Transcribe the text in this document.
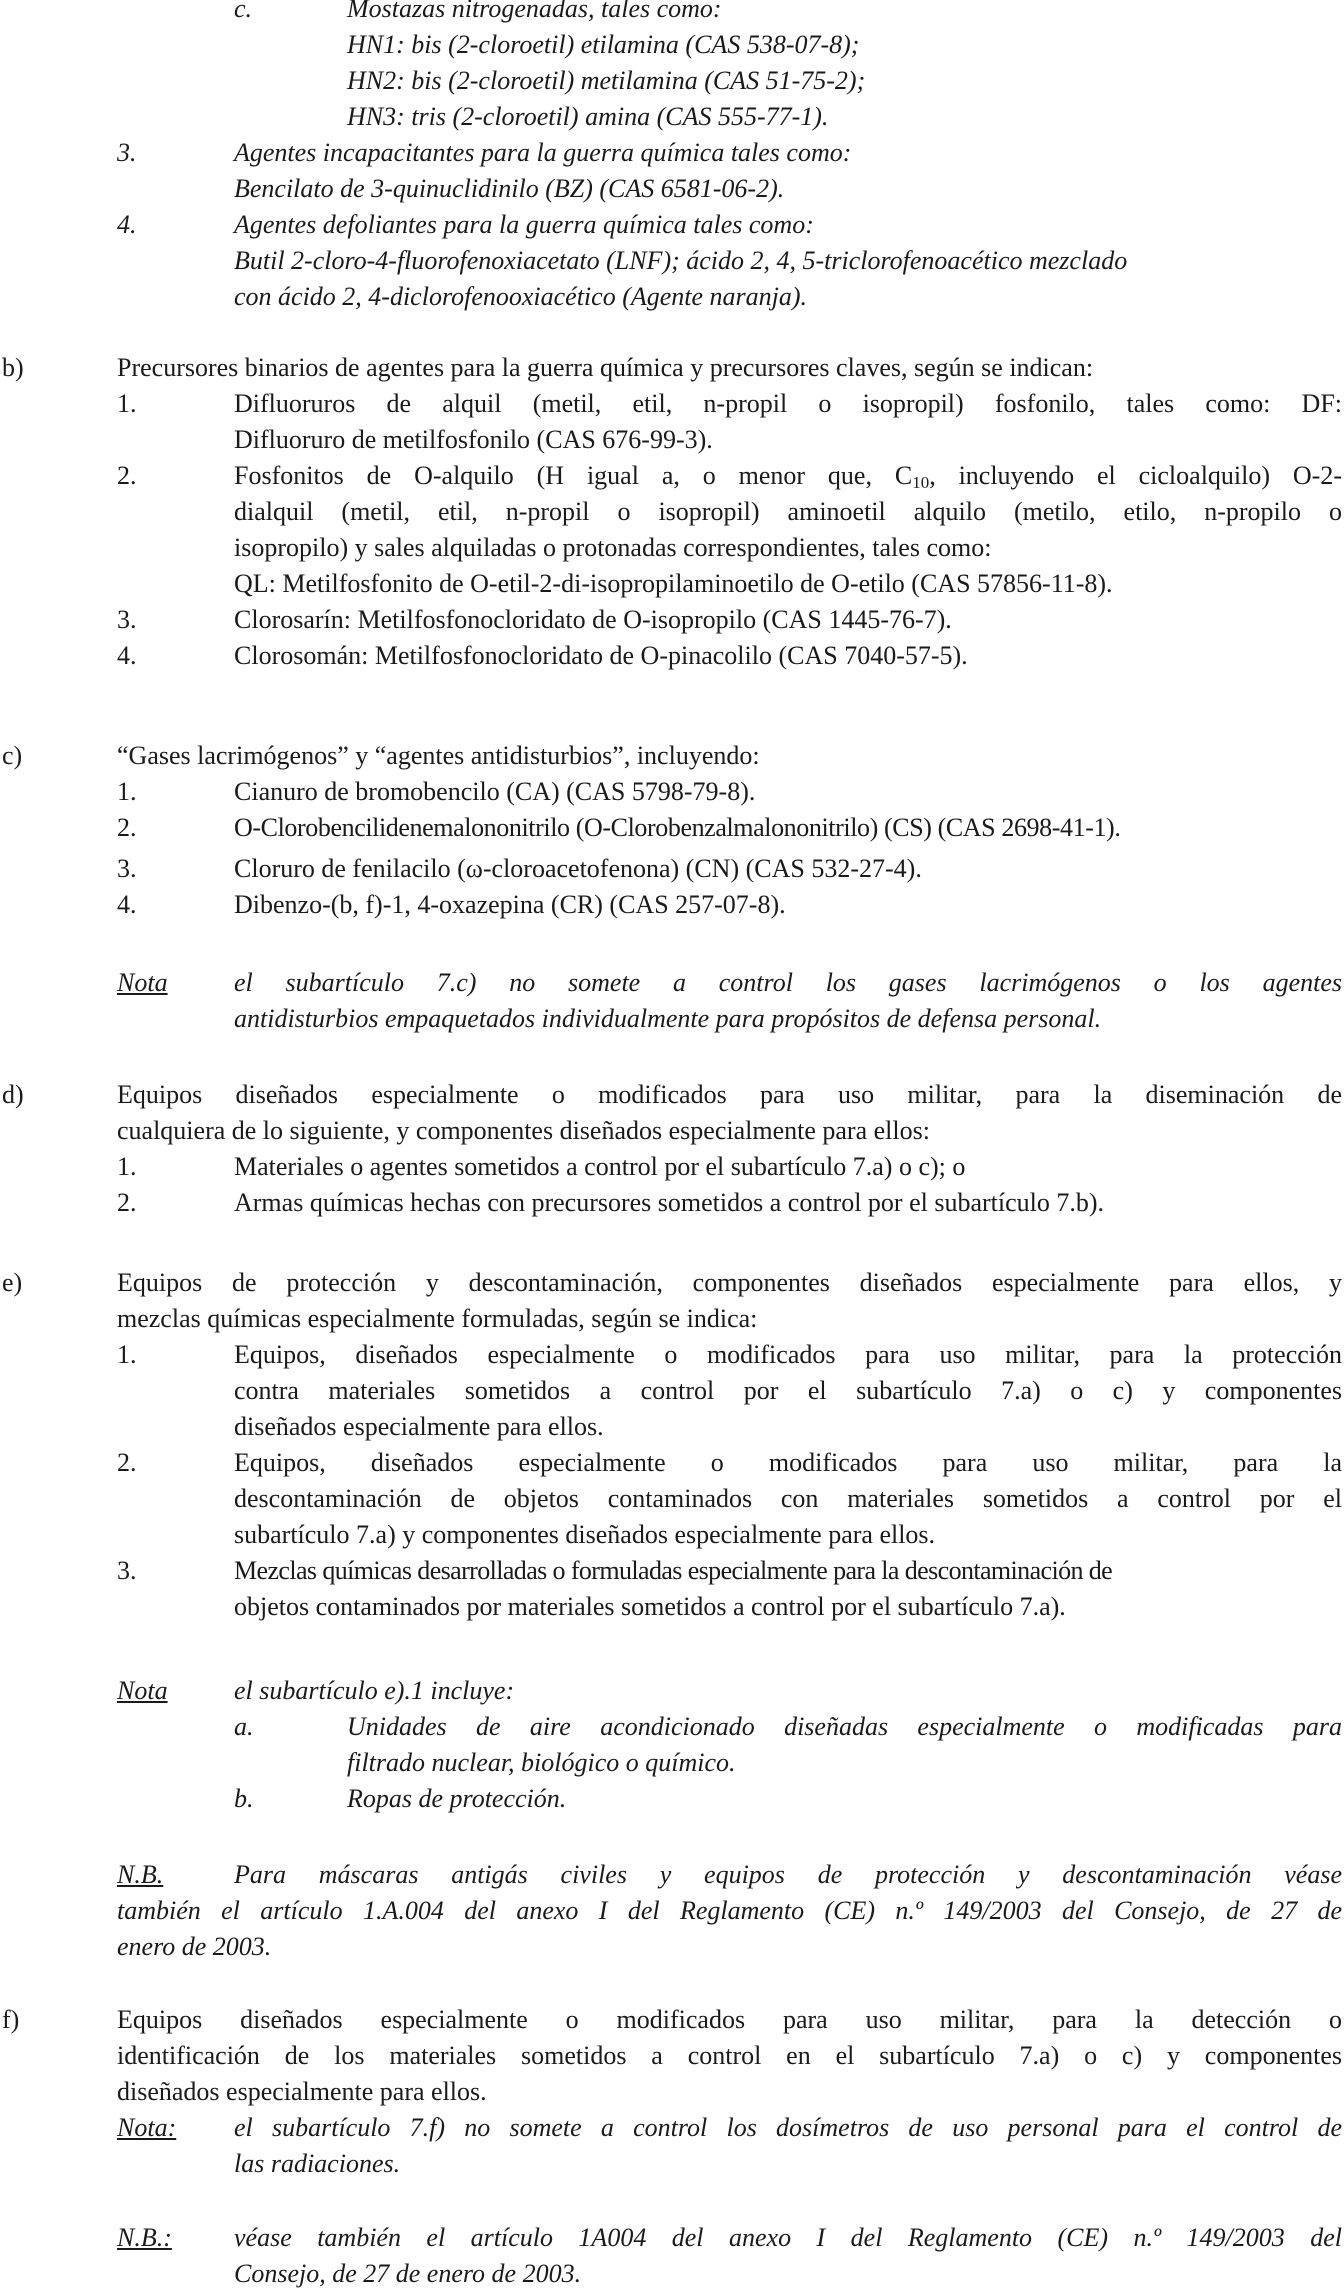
c.	Mostazas nitrogenadas, tales como:
HN1: bis (2-cloroetil) etilamina (CAS 538-07-8);
HN2: bis (2-cloroetil) metilamina (CAS 51-75-2);
HN3: tris (2-cloroetil) amina (CAS 555-77-1).
3.	Agentes incapacitantes para la guerra química tales como:
Bencilato de 3-quinuclidinilo (BZ) (CAS 6581-06-2).
4.	Agentes defoliantes para la guerra química tales como:
Butil 2-cloro-4-fluorofenoxiacetato (LNF); ácido 2, 4, 5-triclorofenoacético mezclado
con ácido 2, 4-diclorofenooxiacético (Agente naranja).
b)	Precursores binarios de agentes para la guerra química y precursores claves, según se indican:
1.	Difluoruros de alquil (metil, etil, n-propil o isopropil) fosfonilo, tales como: DF:
Difluoruro de metilfosfonilo (CAS 676-99-3).
2.	Fosfonitos de O-alquilo (H igual a, o menor que, $C_{10}$, incluyendo el cicloalquilo) O-2-
dialquil (metil, etil, n-propil o isopropil) aminoetil alquilo (metilo, etilo, n-propilo o
isopropilo) y sales alquiladas o protonadas correspondientes, tales como:
QL: Metilfosfonito de O-etil-2-di-isopropilaminoetilo de O-etilo (CAS 57856-11-8).
3.	Clorosarín: Metilfosfonocloridato de O-isopropilo (CAS 1445-76-7).
4.	Clorosomán: Metilfosfonocloridato de O-pinacolilo (CAS 7040-57-5).
c)	“Gases lacrimógenos” y “agentes antidisturbios”, incluyendo:
1.	Cianuro de bromobencilo (CA) (CAS 5798-79-8).
2.	O-Clorobencilidenemalononitrilo (O-Clorobenzalmalononitrilo) (CS) (CAS 2698-41-1).
3.	Cloruro de fenilacilo (ω-cloroacetofenona) (CN) (CAS 532-27-4).
4.	Dibenzo-(b, f)-1, 4-oxazepina (CR) (CAS 257-07-8).
Nota	el subartículo 7.c) no somete a control los gases lacrimógenos o los agentes
antidisturbios empaquetados individualmente para propósitos de defensa personal.
d)	Equipos diseñados especialmente o modificados para uso militar, para la diseminación de
cualquiera de lo siguiente, y componentes diseñados especialmente para ellos:
1.	Materiales o agentes sometidos a control por el subartículo 7.a) o c); o
2.	Armas químicas hechas con precursores sometidos a control por el subartículo 7.b).
e)	Equipos de protección y descontaminación, componentes diseñados especialmente para ellos, y
mezclas químicas especialmente formuladas, según se indica:
1.	Equipos, diseñados especialmente o modificados para uso militar, para la protección
contra materiales sometidos a control por el subartículo 7.a) o c) y componentes
diseñados especialmente para ellos.
2.	Equipos, diseñados especialmente o modificados para uso militar, para la
descontaminación de objetos contaminados con materiales sometidos a control por el
subartículo 7.a) y componentes diseñados especialmente para ellos.
3.	Mezclas químicas desarrolladas o formuladas especialmente para la descontaminación de
objetos contaminados por materiales sometidos a control por el subartículo 7.a).
Nota	el subartículo e).1 incluye:
a.	Unidades de aire acondicionado diseñadas especialmente o modificadas para
filtrado nuclear, biológico o químico.
b.	Ropas de protección.
N.B.	Para máscaras antigás civiles y equipos de protección y descontaminación véase
también el artículo 1.A.004 del anexo I del Reglamento (CE) n.º 149/2003 del Consejo, de 27 de
enero de 2003.
f)	Equipos diseñados especialmente o modificados para uso militar, para la detección o
identificación de los materiales sometidos a control en el subartículo 7.a) o c) y componentes
diseñados especialmente para ellos.
Nota: el subartículo 7.f) no somete a control los dosímetros de uso personal para el control de
las radiaciones.
N.B.: véase también el artículo 1A004 del anexo I del Reglamento (CE) n.º 149/2003 del
Consejo, de 27 de enero de 2003.
